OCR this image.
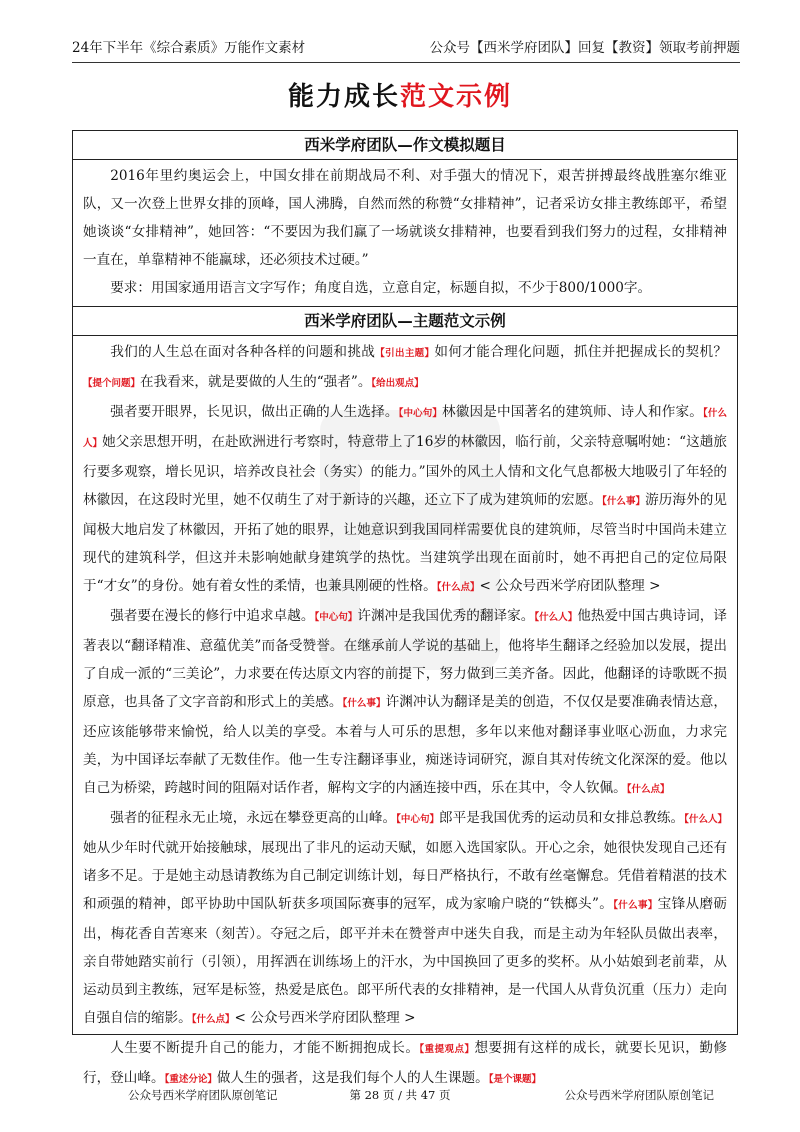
24年下半年《综合素质》万能作文素材	公众号【西米学府团队】回复【教资】领取考前押题
能力成长范文示例
西米学府团队—作文模拟题目

2016年里约奥运会上，中国女排在前期战局不利、对手强大的情况下，艰苦拼搏最终战胜塞尔维亚队，又一次登上世界女排的顶峰，国人沸腾，自然而然的称赞“女排精神”，记者采访女排主教练郎平，希望她谈谈“女排精神”，她回答：“不要因为我们赢了一场就谈女排精神，也要看到我们努力的过程，女排精神一直在，单靠精神不能赢球，还必须技术过硬。”

要求：用国家通用语言文字写作；角度自选，立意自定，标题自拟，不少于800/1000字。

西米学府团队—主题范文示例

我们的人生总在面对各种各样的问题和挑战【引出主题】如何才能合理化问题，抓住并把握成长的契机？【提个问题】在我看来，就是要做的人生的“强者”。【给出观点】

强者要开眼界，长见识，做出正确的人生选择。【中心句】林徽因是中国著名的建筑师、诗人和作家。【什么人】她父亲思想开明，在赴欧洲进行考察时，特意带上了16岁的林徽因，临行前，父亲特意嘱咐她：“这趟旅行要多观察，增长见识，培养改良社会（务实）的能力。”国外的风土人情和文化气息都极大地吸引了年轻的林徽因，在这段时光里，她不仅萌生了对于新诗的兴趣，还立下了成为建筑师的宏愿。【什么事】游历海外的见闻极大地启发了林徽因，开拓了她的眼界，让她意识到我国同样需要优良的建筑师，尽管当时中国尚未建立现代的建筑科学，但这并未影响她献身建筑学的热忱。当建筑学出现在面前时，她不再把自己的定位局限于“才女”的身份。她有着女性的柔情，也兼具刚硬的性格。【什么点】< 公众号西米学府团队整理 >

强者要在漫长的修行中追求卓越。【中心句】许渊冲是我国优秀的翻译家。【什么人】他热爱中国古典诗词，译著表以“翻译精准、意蕴优美”而备受赞誉。在继承前人学说的基础上，他将毕生翻译之经验加以发展，提出了自成一派的“三美论”，力求要在传达原文内容的前提下，努力做到三美齐备。因此，他翻译的诗歌既不损原意，也具备了文字音韵和形式上的美感。【什么事】许渊冲认为翻译是美的创造，不仅仅是要准确表情达意，还应该能够带来愉悦，给人以美的享受。本着与人可乐的思想，多年以来他对翻译事业呕心沥血，力求完美，为中国译坛奉献了无数佳作。他一生专注翻译事业，痴迷诗词研究，源自其对传统文化深深的爱。他以自己为桥梁，跨越时间的阻隔对话作者，解构文字的内涵连接中西，乐在其中，令人钦佩。【什么点】

强者的征程永无止境，永远在攀登更高的山峰。【中心句】郎平是我国优秀的运动员和女排总教练。【什么人】她从少年时代就开始接触球，展现出了非凡的运动天赋，如愿入选国家队。开心之余，她很快发现自己还有诸多不足。于是她主动恳请教练为自己制定训练计划，每日严格执行，不敢有丝毫懈怠。凭借着精湛的技术和顽强的精神，郎平协助中国队斩获多项国际赛事的冠军，成为家喻户晓的“铁榔头”。【什么事】宝锋从磨砺出，梅花香自苦寒来（刻苦）。夺冠之后，郎平并未在赞誉声中迷失自我，而是主动为年轻队员做出表率，亲自带她踏实前行（引领），用挥洒在训练场上的汗水，为中国换回了更多的奖杯。从小姑娘到老前辈，从运动员到主教练，冠军是标签，热爱是底色。郎平所代表的女排精神，是一代国人从背负沉重（压力）走向自强自信的缩影。【什么点】< 公众号西米学府团队整理 >

人生要不断提升自己的能力，才能不断拥抱成长。【重提观点】想要拥有这样的成长，就要长见识，勤修行，登山峰。【重述分论】做人生的强者，这是我们每个人的人生课题。【是个课题】

公众号西米学府团队原创笔记	第 28 页 / 共 47 页	公众号西米学府团队原创笔记
